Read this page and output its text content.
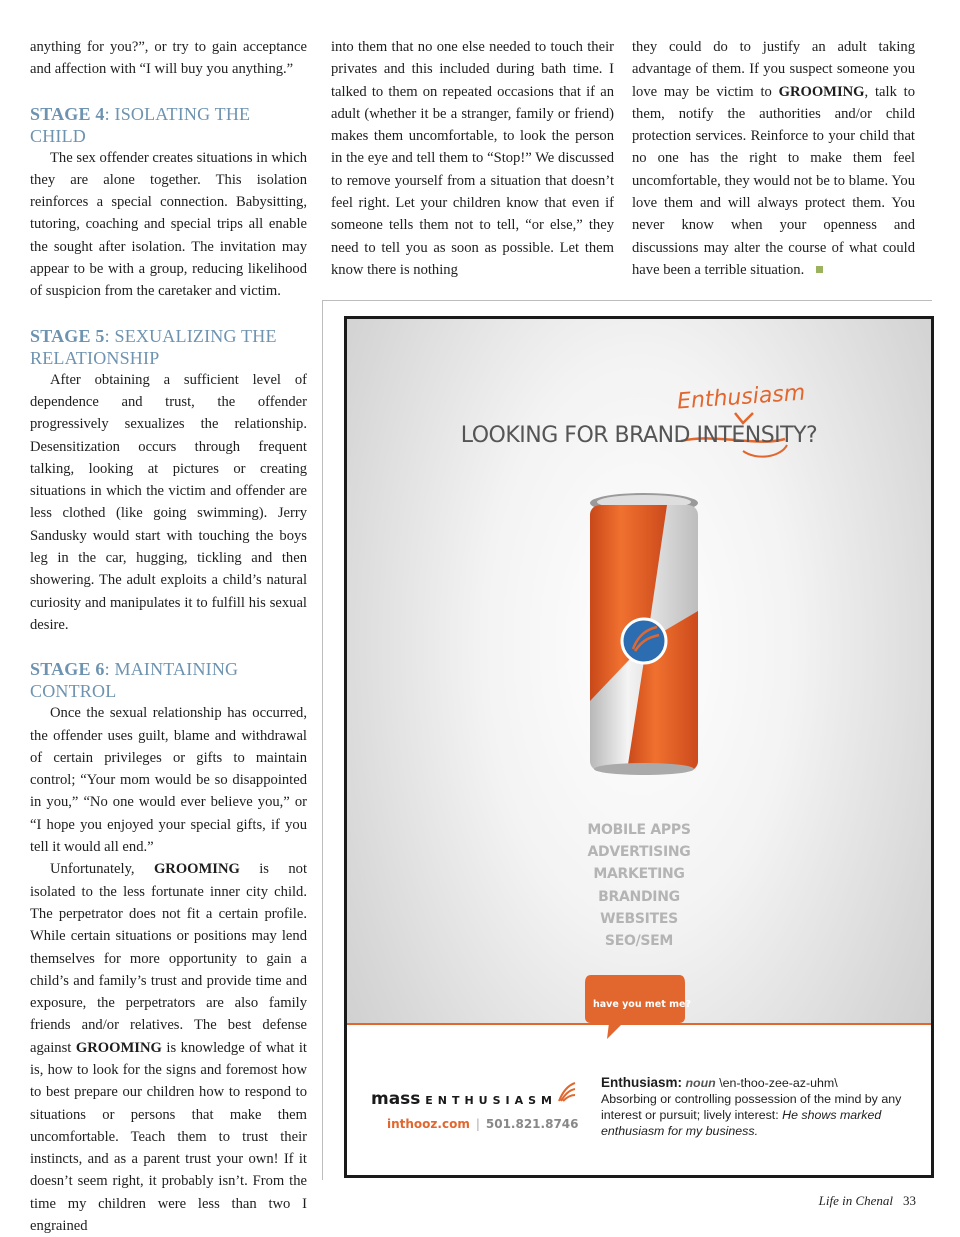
anything for you?”, or try to gain acceptance and affection with “I will buy you anything.”

STAGE 4: ISOLATING THE CHILD

The sex offender creates situations in which they are alone together. This isolation reinforces a special connection. Babysitting, tutoring, coaching and special trips all enable the sought after isolation. The invitation may appear to be with a group, reducing likelihood of suspicion from the caretaker and victim.

STAGE 5: SEXUALIZING THE RELATIONSHIP

After obtaining a sufficient level of dependence and trust, the offender progressively sexualizes the relationship. Desensitization occurs through frequent talking, looking at pictures or creating situations in which the victim and offender are less clothed (like going swimming). Jerry Sandusky would start with touching the boys leg in the car, hugging, tickling and then showering. The adult exploits a child’s natural curiosity and manipulates it to fulfill his sexual desire.

STAGE 6: MAINTAINING CONTROL

Once the sexual relationship has occurred, the offender uses guilt, blame and withdrawal of certain privileges or gifts to maintain control; “Your mom would be so disappointed in you,” “No one would ever believe you,” or “I hope you enjoyed your special gifts, if you tell it would all end.”

Unfortunately, GROOMING is not isolated to the less fortunate inner city child. The perpetrator does not fit a certain profile. While certain situations or positions may lend themselves for more opportunity to gain a child’s and family’s trust and provide time and exposure, the perpetrators are also family friends and/or relatives. The best defense against GROOMING is knowledge of what it is, how to look for the signs and foremost how to best prepare our children how to respond to situations or persons that make them uncomfortable. Teach them to trust their instincts, and as a parent trust your own! If it doesn’t seem right, it probably isn’t. From the time my children were less than two I engrained

into them that no one else needed to touch their privates and this included during bath time. I talked to them on repeated occasions that if an adult (whether it be a stranger, family or friend) makes them uncomfortable, to look the person in the eye and tell them to “Stop!” We discussed to remove yourself from a situation that doesn’t feel right. Let your children know that even if someone tells them not to tell, “or else,” they need to tell you as soon as possible. Let them know there is nothing

they could do to justify an adult taking advantage of them. If you suspect someone you love may be victim to GROOMING, talk to them, notify the authorities and/or child protection services. Reinforce to your child that no one has the right to make them feel uncomfortable, they would not be to blame. You love them and will always protect them. You never know when your openness and discussions may alter the course of what could have been a terrible situation.

Enthusiasm
LOOKING FOR BRAND INTENSITY?
MOBILE APPS
ADVERTISING
MARKETING
BRANDING
WEBSITES
SEO/SEM
have you met me?
mass ENTHUSIASM
inthooz.com | 501.821.8746
Enthusiasm: noun \en-thoo-zee-az-uhm\
Absorbing or controlling possession of the mind by any interest or pursuit; lively interest: He shows marked enthusiasm for my business.
Life in Chenal 33
